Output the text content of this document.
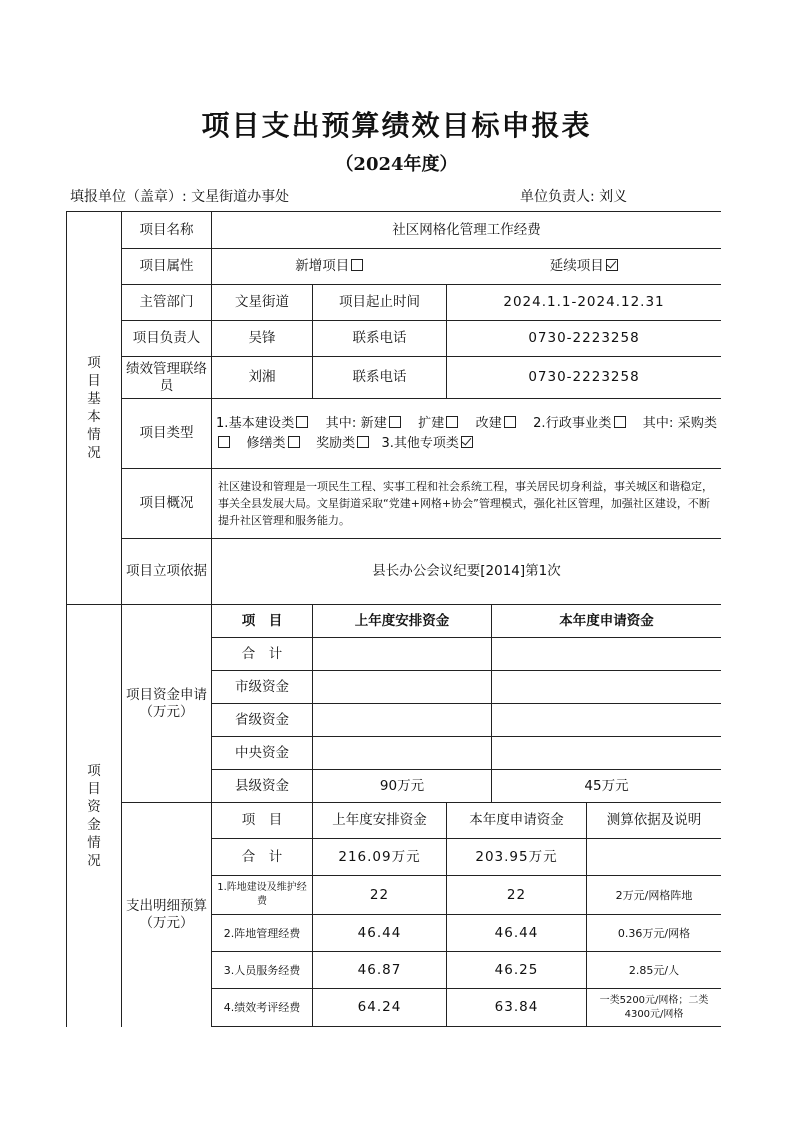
项目支出预算绩效目标申报表
（2024年度）
填报单位（盖章）: 文星街道办事处	单位负责人: 刘义
项目基本情况	项目名称	社区网格化管理工作经费				
	项目属性	新增项目		延续项目		
	主管部门	文星街道	项目起止时间	2024.1.1-2024.12.31		
	项目负责人	吴锋	联系电话	0730-2223258		
	绩效管理联络员	刘湘	联系电话	0730-2223258		
	项目类型	1.基本建设类 其中: 新建 扩建 改建 2.行政事业类 其中: 采购类    修缮类 奖励类 3.其他专项类				
	项目概况	社区建设和管理是一项民生工程、实事工程和社会系统工程，事关居民切身利益，事关城区和谐稳定，事关全县发展大局。文星街道采取“党建+网格+协会”管理模式，强化社区管理，加强社区建设，不断提升社区管理和服务能力。				
	项目立项依据	县长办公会议纪要[2014]第1次				

项目资金情况	项目资金申请（万元）	项　目	上年度安排资金		本年度申请资金	
		合　计				
		市级资金				
		省级资金				
		中央资金				
		县级资金	90万元		45万元	
	支出明细预算（万元）	项　目	上年度安排资金	本年度申请资金		测算依据及说明
		合　计	216.09万元	203.95万元		
		1.阵地建设及维护经费	22	22		2万元/网格阵地
		2.阵地管理经费	46.44	46.44		0.36万元/网格
		3.人员服务经费	46.87	46.25		2.85元/人
		4.绩效考评经费	64.24	63.84		一类5200元/网格；二类4300元/网格
